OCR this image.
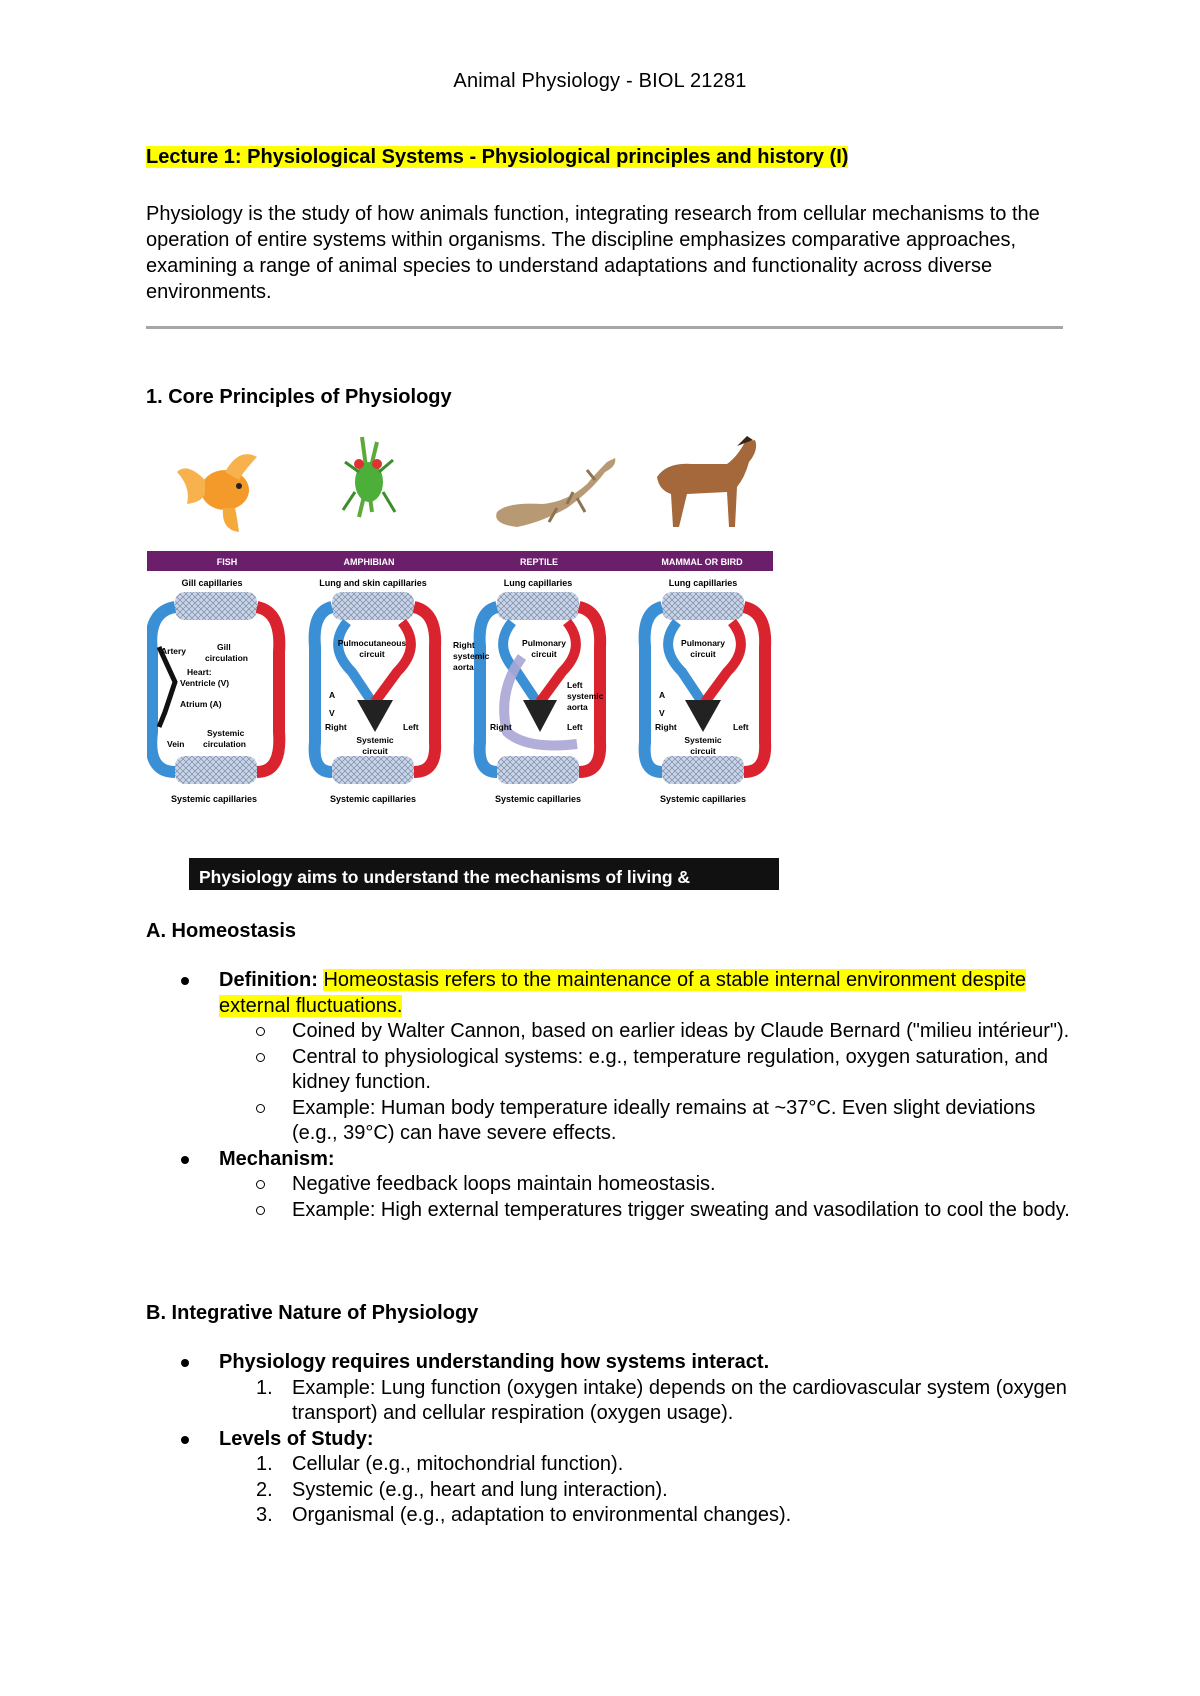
Animal Physiology - BIOL 21281
Lecture 1: Physiological Systems - Physiological principles and history (I)
Physiology is the study of how animals function, integrating research from cellular mechanisms to the operation of entire systems within organisms. The discipline emphasizes comparative approaches, examining a range of animal species to understand adaptations and functionality across diverse environments.
1. Core Principles of Physiology
FISH	AMPHIBIAN	REPTILE	MAMMAL OR BIRD
Gill capillaries	Lung and skin capillaries	Lung capillaries	Lung capillaries
Artery	Gill
circulation
Heart:
Ventricle (V)
Atrium (A)
Systemic
circulation
Vein
Pulmocutaneous
circuit
A
V
Right	Left
Systemic
circuit
Pulmonary
circuit
Right
systemic
aorta
Left
systemic
aorta
Right	Left
Pulmonary
circuit
A
V
Right	Left
Systemic
circuit
Systemic capillaries	Systemic capillaries	Systemic capillaries	Systemic capillaries
Physiology aims to understand the mechanisms of living &
A. Homeostasis
Definition: Homeostasis refers to the maintenance of a stable internal environment despite external fluctuations.
Coined by Walter Cannon, based on earlier ideas by Claude Bernard ("milieu intérieur").
Central to physiological systems: e.g., temperature regulation, oxygen saturation, and kidney function.
Example: Human body temperature ideally remains at ~37°C. Even slight deviations (e.g., 39°C) can have severe effects.
Mechanism:
Negative feedback loops maintain homeostasis.
Example: High external temperatures trigger sweating and vasodilation to cool the body.
B. Integrative Nature of Physiology
Physiology requires understanding how systems interact.
1. Example: Lung function (oxygen intake) depends on the cardiovascular system (oxygen transport) and cellular respiration (oxygen usage).
Levels of Study:
1. Cellular (e.g., mitochondrial function).
2. Systemic (e.g., heart and lung interaction).
3. Organismal (e.g., adaptation to environmental changes).
